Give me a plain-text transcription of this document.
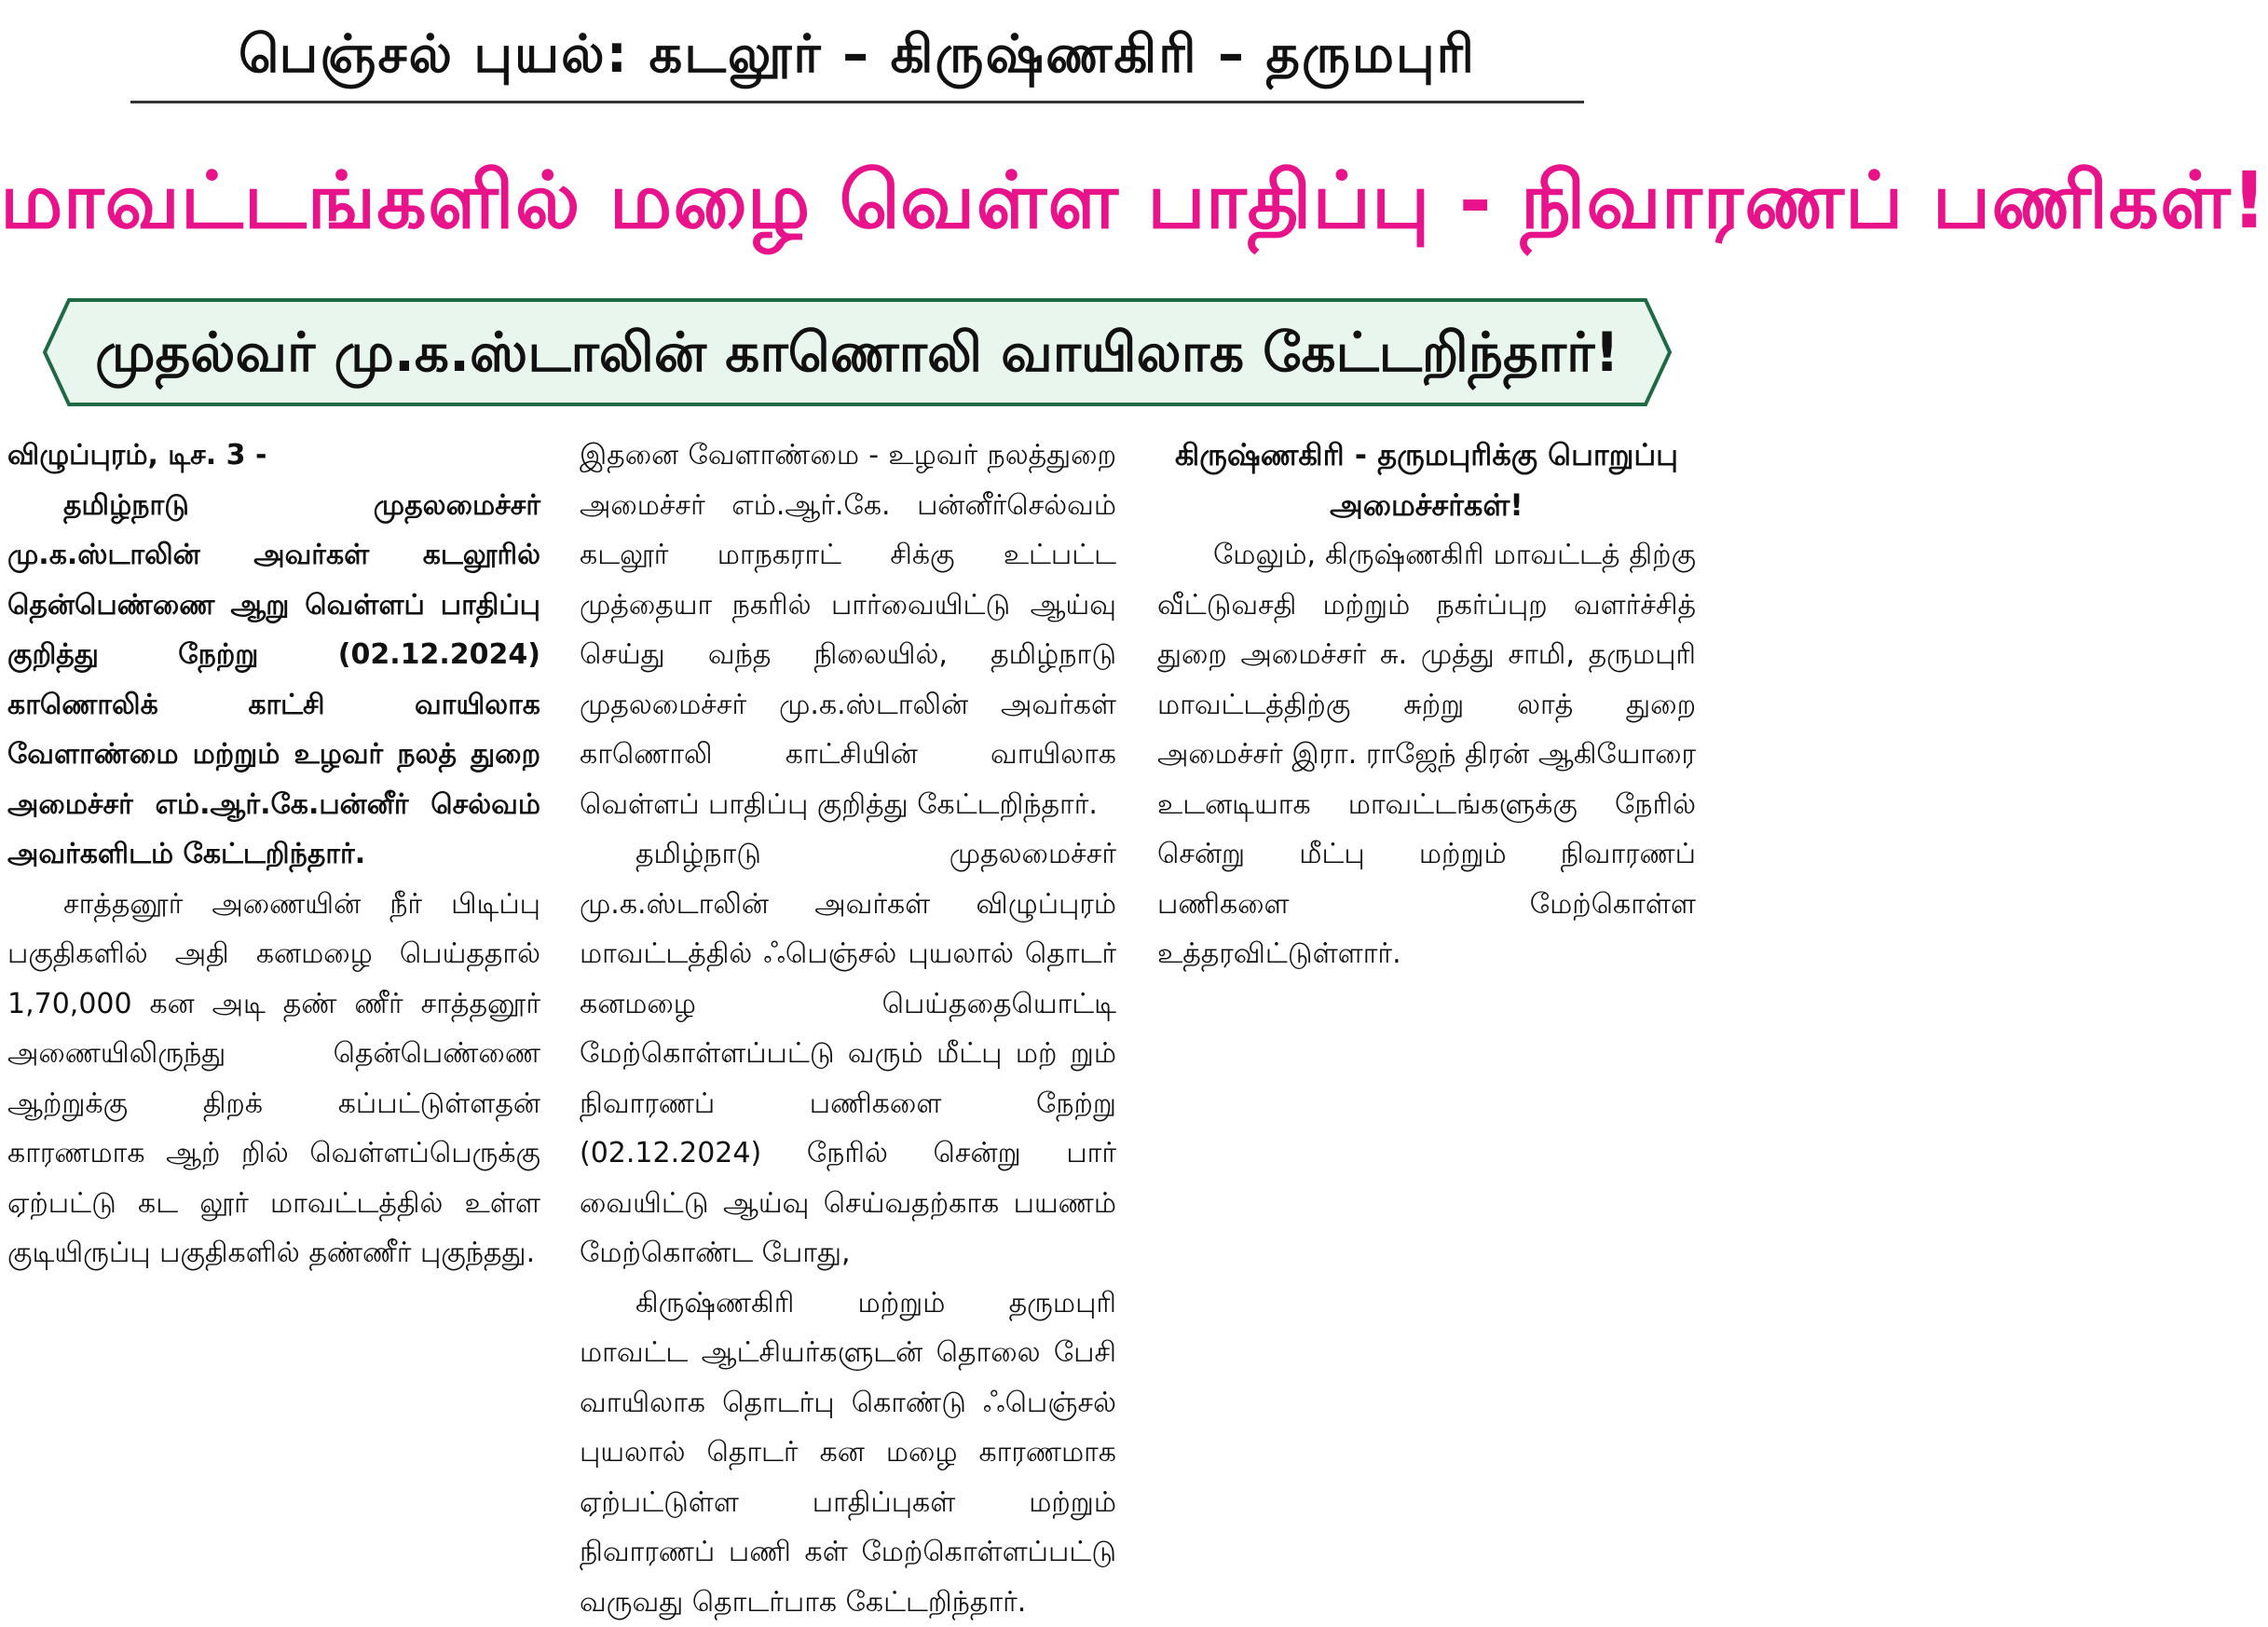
பெஞ்சல் புயல்: கடலூர் – கிருஷ்ணகிரி – தருமபுரி
மாவட்டங்களில் மழை வெள்ள பாதிப்பு - நிவாரணப் பணிகள்!
முதல்வர் மு.க.ஸ்டாலின் காணொலி வாயிலாக கேட்டறிந்தார்!

விழுப்புரம், டிச. 3 -

தமிழ்நாடு முதலமைச்சர் மு.க.ஸ்டாலின் அவர்கள் கடலூரில் தென்பெண்ணை ஆறு வெள்ளப் பாதிப்பு குறித்து நேற்று (02.12.2024) காணொலிக் காட்சி வாயிலாக வேளாண்மை மற்றும் உழவர் நலத் துறை அமைச்சர் எம்.ஆர்.கே.பன்னீர் செல்வம் அவர்களிடம் கேட்டறிந்தார்.

சாத்தனூர் அணையின் நீர் பிடிப்பு பகுதிகளில் அதி கனமழை பெய்ததால் 1,70,000 கன அடி தண் ணீர் சாத்தனூர் அணையிலிருந்து தென்பெண்ணை ஆற்றுக்கு திறக் கப்பட்டுள்ளதன் காரணமாக ஆற் றில் வெள்ளப்பெருக்கு ஏற்பட்டு கட லூர் மாவட்டத்தில் உள்ள குடியிருப்பு பகுதிகளில் தண்ணீர் புகுந்தது.

இதனை வேளாண்மை - உழவர் நலத்துறை அமைச்சர் எம்.ஆர்.கே. பன்னீர்செல்வம் கடலூர் மாநகராட் சிக்கு உட்பட்ட முத்தையா நகரில் பார்வையிட்டு ஆய்வு செய்து வந்த நிலையில், தமிழ்நாடு முதலமைச்சர் மு.க.ஸ்டாலின் அவர்கள் காணொலி காட்சியின் வாயிலாக வெள்ளப் பாதிப்பு குறித்து கேட்டறிந்தார்.

தமிழ்நாடு முதலமைச்சர் மு.க.ஸ்டாலின் அவர்கள் விழுப்புரம் மாவட்டத்தில் ஃபெஞ்சல் புயலால் தொடர் கனமழை பெய்ததையொட்டி மேற்கொள்ளப்பட்டு வரும் மீட்பு மற் றும் நிவாரணப் பணிகளை நேற்று (02.12.2024) நேரில் சென்று பார் வையிட்டு ஆய்வு செய்வதற்காக பயணம் மேற்கொண்ட போது,

கிருஷ்ணகிரி மற்றும் தருமபுரி மாவட்ட ஆட்சியர்களுடன் தொலை பேசி வாயிலாக தொடர்பு கொண்டு ஃபெஞ்சல் புயலால் தொடர் கன மழை காரணமாக ஏற்பட்டுள்ள பாதிப்புகள் மற்றும் நிவாரணப் பணி கள் மேற்கொள்ளப்பட்டு வருவது தொடர்பாக கேட்டறிந்தார்.

கிருஷ்ணகிரி - தருமபுரிக்கு பொறுப்பு அமைச்சர்கள்!

மேலும், கிருஷ்ணகிரி மாவட்டத் திற்கு வீட்டுவசதி மற்றும் நகர்ப்புற வளர்ச்சித் துறை அமைச்சர் சு. முத்து சாமி, தருமபுரி மாவட்டத்திற்கு சுற்று லாத் துறை அமைச்சர் இரா. ராஜேந் திரன் ஆகியோரை உடனடியாக மாவட்டங்களுக்கு நேரில் சென்று மீட்பு மற்றும் நிவாரணப் பணிகளை மேற்கொள்ள உத்தரவிட்டுள்ளார்.
